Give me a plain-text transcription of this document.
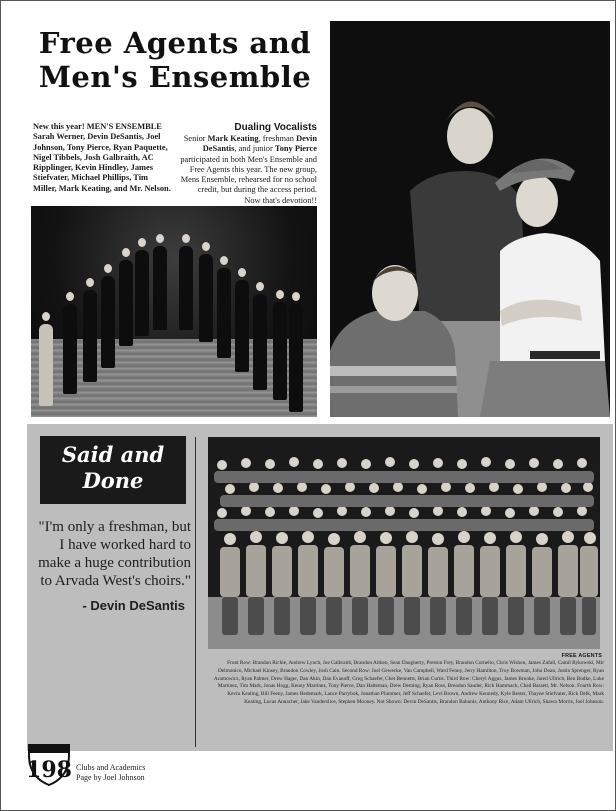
Free Agents and
Men's Ensemble
New this year! MEN'S ENSEMBLE
Sarah Werner, Devin DeSantis, Joel Johnson, Tony Pierce, Ryan Paquette, Nigel Tibbels, Josh Galbraith, AC Ripplinger, Kevin Hindley, James Stiefvater, Michael Phillips, Tim Miller, Mark Keating, and Mr. Nelson.
Dualing Vocalists
Senior Mark Keating, freshman Devin DeSantis, and junior Tony Pierce participated in both Men's Ensemble and Free Agents this year. The new group, Mens Ensemble, rehearsed for no school credit, but during the access period. Now that's devotion!!
Said and
Done
"I'm only a freshman, but I have worked hard to make a huge contribution to Arvada West's choirs."
- Devin DeSantis
FREE AGENTS
Front Row: Brandon Richie, Andrew Lynch, Joe Galbraith, Brandon Aitken, Sean Daugherty, Preston Frey, Brandon Cornelio, Chris Wishon, James Zufall, Camil Rykowski, Mir Delmonico, Michael Kinsey, Brandon Cowley, Josh Cain. Second Row: Joel Gewecke, Van Campbell, Ward Fenny, Jerry Hamilton, Troy Bowman, John Doan, Justin Sprenger, Ryan Aramowicz, Ryan Palmer, Drew Hager, Dan Akin, Dan Evanoff, Greg Schaefer, Chet Bennetts, Brian Curtis. Third Row: Cheryl Aggus, James Brooke, Jared Ullrich, Ben Budke, Luke Martinez, Tim Mark, Jonas Hogg, Kenny Martinez, Tony Pierce, Dan Halteman, Drew Deming, Ryan Ross, Brendon Sauder, Rick Hammack, Chad Bassett, Mr. Nelson. Fourth Row: Kevin Keating, Bill Feeny, James Hedemark, Lance Parrybok, Jonathan Plummer, Jeff Schaefer, Levi Brown, Andrew Kennedy, Kyle Bester, Thayne Stiefvater, Rick Delk, Mark Keating, Lucas Annacher, Jake Vanderslice, Stephen Mooney. Not Shown: Devin DeSantis, Brandon Babunis, Anthony Rice, Adam Ullrich, Shawn Morris, Joel Johnson.
198 Clubs and Academics
Page by Joel Johnson
